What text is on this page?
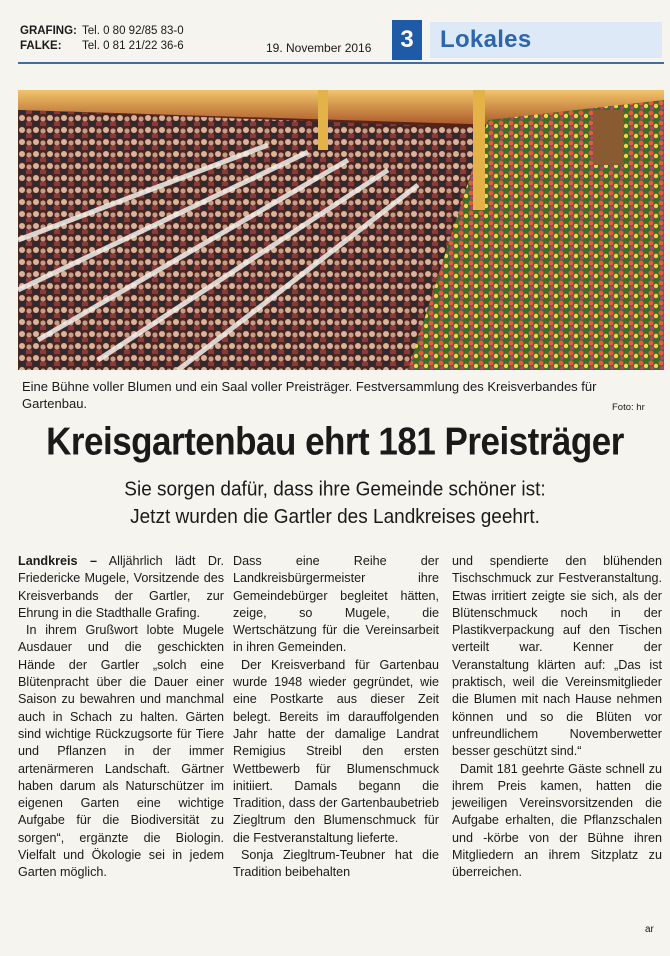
GRAFING: Tel. 0 80 92/85 83-0
FALKE: Tel. 0 81 21/22 36-6	19. November 2016	3	Lokales
Eine Bühne voller Blumen und ein Saal voller Preisträger. Festversammlung des Kreisverbandes für Gartenbau.	Foto: hr
Kreisgartenbau ehrt 181 Preisträger
Sie sorgen dafür, dass ihre Gemeinde schöner ist:
Jetzt wurden die Gartler des Landkreises geehrt.

Landkreis – Alljährlich lädt Dr. Friedericke Mugele, Vorsitzende des Kreisverbands der Gartler, zur Ehrung in die Stadthalle Grafing.

In ihrem Grußwort lobte Mugele Ausdauer und die geschickten Hände der Gartler „solch eine Blütenpracht über die Dauer einer Saison zu bewahren und manchmal auch in Schach zu halten. Gärten sind wichtige Rückzugsorte für Tiere und Pflanzen in der immer artenärmeren Landschaft. Gärtner haben darum als Naturschützer im eigenen Garten eine wichtige Aufgabe für die Biodiversität zu sorgen“, ergänzte die Biologin. Vielfalt und Ökologie sei in jedem Garten möglich.

Dass eine Reihe der Landkreisbürgermeister ihre Gemeindebürger begleitet hätten, zeige, so Mugele, die Wertschätzung für die Vereinsarbeit in ihren Gemeinden.

Der Kreisverband für Gartenbau wurde 1948 wieder gegründet, wie eine Postkarte aus dieser Zeit belegt. Bereits im darauffolgenden Jahr hatte der damalige Landrat Remigius Streibl den ersten Wettbewerb für Blumenschmuck initiiert. Damals begann die Tradition, dass der Gartenbaubetrieb Ziegltrum den Blumenschmuck für die Festveranstaltung lieferte.

Sonja Ziegltrum-Teubner hat die Tradition beibehalten

und spendierte den blühenden Tischschmuck zur Festveranstaltung. Etwas irritiert zeigte sie sich, als der Blütenschmuck noch in der Plastikverpackung auf den Tischen verteilt war. Kenner der Veranstaltung klärten auf: „Das ist praktisch, weil die Vereinsmitglieder die Blumen mit nach Hause nehmen können und so die Blüten vor unfreundlichem Novemberwetter besser geschützt sind.“

Damit 181 geehrte Gäste schnell zu ihrem Preis kamen, hatten die jeweiligen Vereinsvorsitzenden die Aufgabe erhalten, die Pflanzschalen und -körbe von der Bühne ihren Mitgliedern an ihrem Sitzplatz zu überreichen.

ar
